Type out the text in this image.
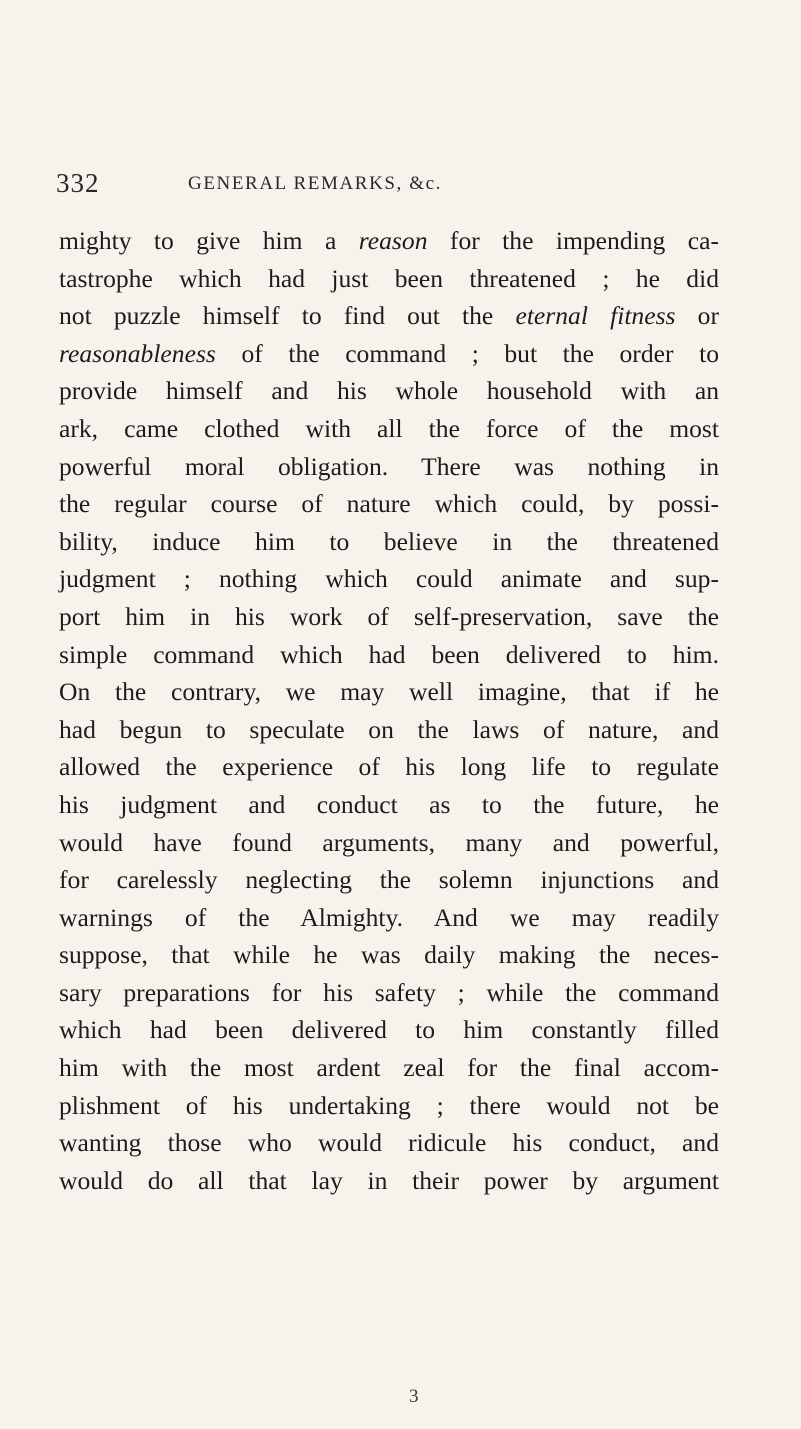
332	GENERAL REMARKS, &c.
mighty to give him a reason for the impending ca-
tastrophe which had just been threatened ; he did
not puzzle himself to find out the eternal fitness or
reasonableness of the command ; but the order to
provide himself and his whole household with an
ark, came clothed with all the force of the most
powerful moral obligation. There was nothing in
the regular course of nature which could, by possi-
bility, induce him to believe in the threatened
judgment ; nothing which could animate and sup-
port him in his work of self-preservation, save the
simple command which had been delivered to him.
On the contrary, we may well imagine, that if he
had begun to speculate on the laws of nature, and
allowed the experience of his long life to regulate
his judgment and conduct as to the future, he
would have found arguments, many and powerful,
for carelessly neglecting the solemn injunctions and
warnings of the Almighty. And we may readily
suppose, that while he was daily making the neces-
sary preparations for his safety ; while the command
which had been delivered to him constantly filled
him with the most ardent zeal for the final accom-
plishment of his undertaking ; there would not be
wanting those who would ridicule his conduct, and
would do all that lay in their power by argument
3
